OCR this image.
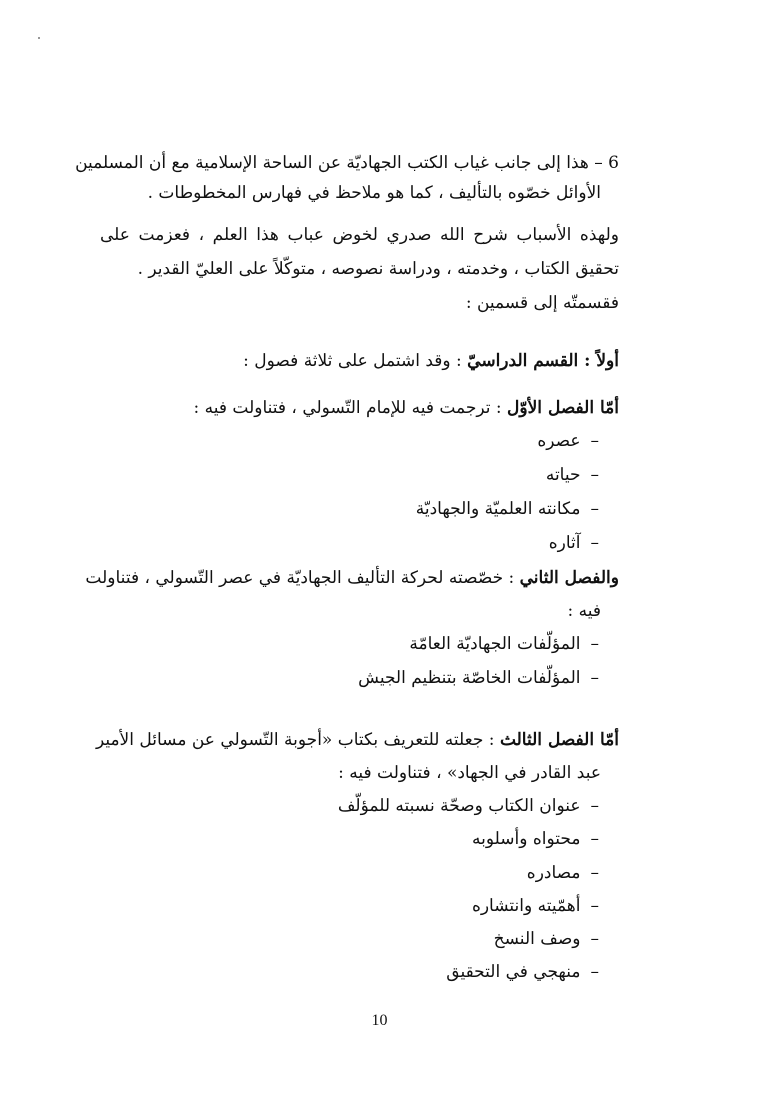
6 – هذا إلى جانب غياب الكتب الجهاديّة عن الساحة الإسلامية مع أن المسلمين
الأوائل خصّوه بالتأليف ، كما هو ملاحظ في فهارس المخطوطات .
ولهذه الأسباب شرح الله صدري لخوض عباب هذا العلم ، فعزمت على
تحقيق الكتاب ، وخدمته ، ودراسة نصوصه ، متوكّلاً على العليّ القدير .
فقسمتّه إلى قسمين :
أولاً : القسم الدراسيّ : وقد اشتمل على ثلاثة فصول :
أمّا الفصل الأوّل : ترجمت فيه للإمام التّسولي ، فتناولت فيه :
–عصره
–حياته
–مكانته العلميّة والجهاديّة
–آثاره
والفصل الثاني : خصّصته لحركة التأليف الجهاديّة في عصر التّسولي ، فتناولت
فيه :
–المؤلّفات الجهاديّة العامّة
–المؤلّفات الخاصّة بتنظيم الجيش
أمّا الفصل الثالث : جعلته للتعريف بكتاب «أجوبة التّسولي عن مسائل الأمير
عبد القادر في الجهاد» ، فتناولت فيه :
–عنوان الكتاب وصحّة نسبته للمؤلّف
–محتواه وأسلوبه
–مصادره
–أهمّيته وانتشاره
–وصف النسخ
–منهجي في التحقيق
10
